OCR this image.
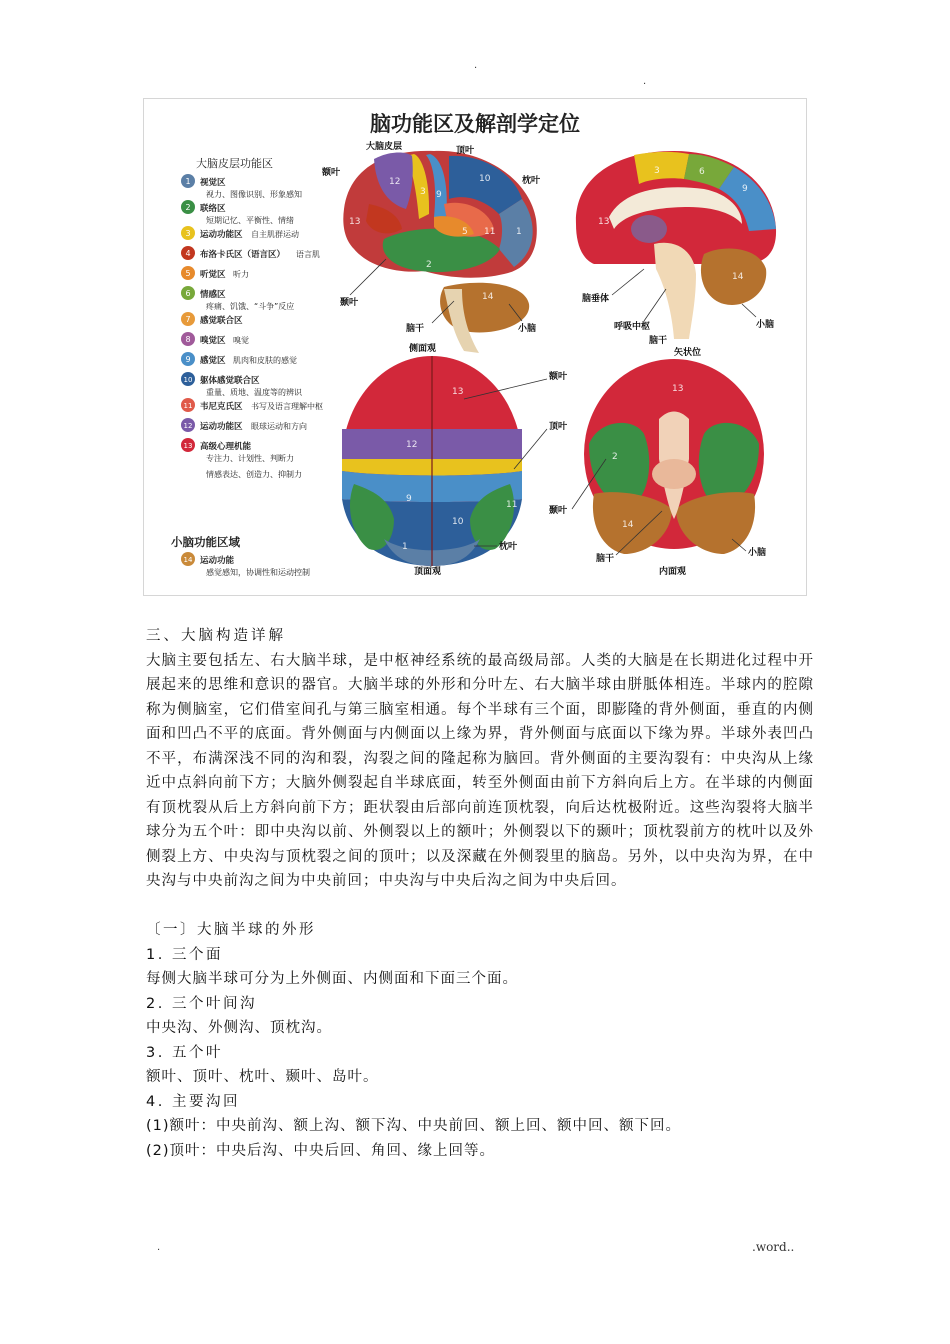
.
.
脑功能区及解剖学定位
大脑皮层功能区
1 视觉区
视力、图像识别、形象感知
2 联络区
短期记忆、平衡性、情绪
3 运动功能区 自主肌群运动
4 布洛卡氏区（语言区） 语言肌
5 听觉区 听力
6 情感区
疼痛、饥饿、“斗争”反应
7 感觉联合区
8 嗅觉区 嗅觉
9 感觉区 肌肉和皮肤的感觉
10 躯体感觉联合区
重量、质地、温度等的辨识
11 韦尼克氏区 书写及语言理解中枢
12 运动功能区 眼球运动和方向
13 高级心理机能
专注力、计划性、判断力
情感表达、创造力、抑制力
小脑功能区域
14 运动功能
感觉感知，协调性和运动控制
12
3 9
10
13
5 11 1
2
14
大脑皮层	顶叶
额叶
枕叶
颞叶
脑干	小脑
侧面观
13
3	6
9
14
脑垂体
呼吸中枢
脑干
小脑
矢状位
13
12
9
10
11
1
额叶
顶叶
枕叶
顶面观
13
2
14
颞叶
脑干
小脑
内面观

三、大脑构造详解

大脑主要包括左、右大脑半球，是中枢神经系统的最高级局部。人类的大脑是在长期进化过程中开展起来的思维和意识的器官。大脑半球的外形和分叶左、右大脑半球由胼胝体相连。半球内的腔隙称为侧脑室，它们借室间孔与第三脑室相通。每个半球有三个面，即膨隆的背外侧面，垂直的内侧面和凹凸不平的底面。背外侧面与内侧面以上缘为界，背外侧面与底面以下缘为界。半球外表凹凸不平，布满深浅不同的沟和裂，沟裂之间的隆起称为脑回。背外侧面的主要沟裂有：中央沟从上缘近中点斜向前下方；大脑外侧裂起自半球底面，转至外侧面由前下方斜向后上方。在半球的内侧面有顶枕裂从后上方斜向前下方；距状裂由后部向前连顶枕裂，向后达枕极附近。这些沟裂将大脑半球分为五个叶：即中央沟以前、外侧裂以上的额叶；外侧裂以下的颞叶；顶枕裂前方的枕叶以及外侧裂上方、中央沟与顶枕裂之间的顶叶；以及深藏在外侧裂里的脑岛。另外，以中央沟为界，在中央沟与中央前沟之间为中央前回；中央沟与中央后沟之间为中央后回。

〔一〕大脑半球的外形

1. 三个面

每侧大脑半球可分为上外侧面、内侧面和下面三个面。

2. 三个叶间沟

中央沟、外侧沟、顶枕沟。

3. 五个叶

额叶、顶叶、枕叶、颞叶、岛叶。

4. 主要沟回

(1)额叶：中央前沟、额上沟、额下沟、中央前回、额上回、额中回、额下回。

(2)顶叶：中央后沟、中央后回、角回、缘上回等。

.	.word..
